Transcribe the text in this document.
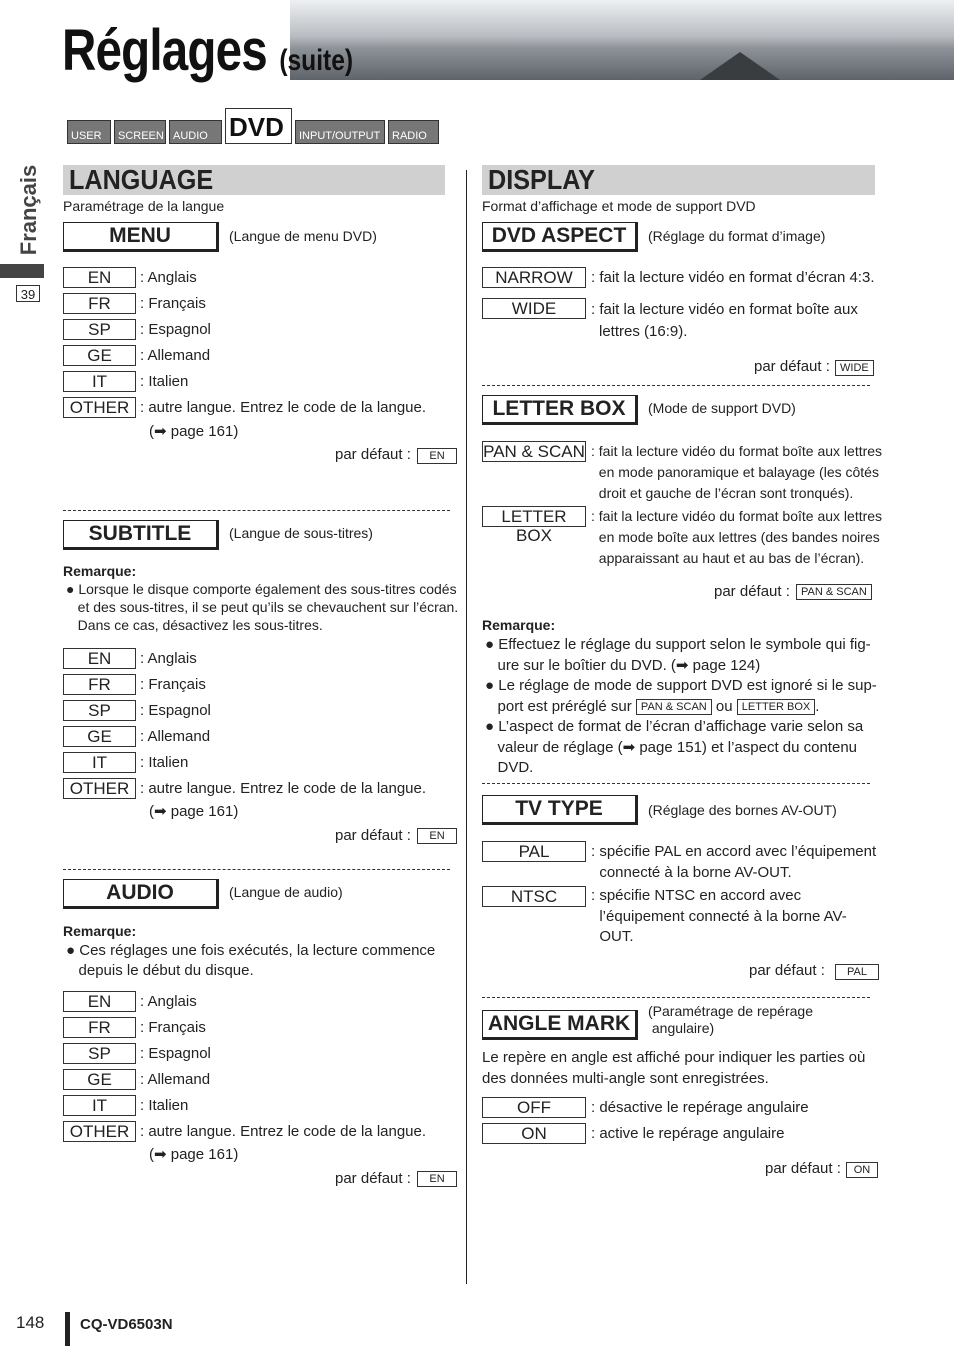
Réglages (suite)
USER	SCREEN AUDIO DVD	INPUT/OUTPUT	RADIO
Français
39
LANGUAGE
Paramétrage de la langue
MENU	(Langue de menu DVD)
EN	: Anglais
FR	: Français
SP	: Espagnol
GE	: Allemand
IT	: Italien
OTHER : autre langue. Entrez le code de la langue.
(➡ page 161)
par défaut :	EN
SUBTITLE	(Langue de sous-titres)
Remarque:
● Lorsque le disque comporte également des sous-titres codés
et des sous-titres, il se peut qu’ils se chevauchent sur l’écran.
Dans ce cas, désactivez les sous-titres.
EN	: Anglais
FR	: Français
SP	: Espagnol
GE	: Allemand
IT	: Italien
OTHER : autre langue. Entrez le code de la langue.
(➡ page 161)
par défaut :	EN
AUDIO	(Langue de audio)
Remarque:
● Ces réglages une fois exécutés, la lecture commence
depuis le début du disque.
EN	: Anglais
FR	: Français
SP	: Espagnol
GE	: Allemand
IT	: Italien
OTHER : autre langue. Entrez le code de la langue.
(➡ page 161)
par défaut :	EN
DISPLAY
Format d’affichage et mode de support DVD
DVD ASPECT	(Réglage du format d’image)
NARROW	: fait la lecture vidéo en format d’écran 4:3.
WIDE	: fait la lecture vidéo en format boîte aux
lettres (16:9).
par défaut : WIDE
LETTER BOX	(Mode de support DVD)
PAN & SCAN : fait la lecture vidéo du format boîte aux lettres
en mode panoramique et balayage (les côtés
droit et gauche de l’écran sont tronqués).
LETTER BOX
: fait la lecture vidéo du format boîte aux lettres
en mode boîte aux lettres (des bandes noires
apparaissant au haut et au bas de l’écran).
par défaut :	PAN & SCAN
Remarque:
● Effectuez le réglage du support selon le symbole qui fig-
ure sur le boîtier du DVD. (➡ page 124)
● Le réglage de mode de support DVD est ignoré si le sup-
port est préréglé sur PAN & SCAN ou LETTER BOX .
● L’aspect de format de l’écran d’affichage varie selon sa
valeur de réglage (➡ page 151) et l’aspect du contenu
DVD.
TV TYPE	(Réglage des bornes AV-OUT)
PAL	: spécifie PAL en accord avec l’équipement
connecté à la borne AV-OUT.
NTSC	: spécifie NTSC en accord avec
l’équipement connecté à la borne AV-
OUT.
par défaut :	PAL
ANGLE MARK
(Paramétrage de repérage
angulaire)
Le repère en angle est affiché pour indiquer les parties où
des données multi-angle sont enregistrées.
OFF	: désactive le repérage angulaire
ON	: active le repérage angulaire
par défaut :	ON
148 CQ-VD6503N
